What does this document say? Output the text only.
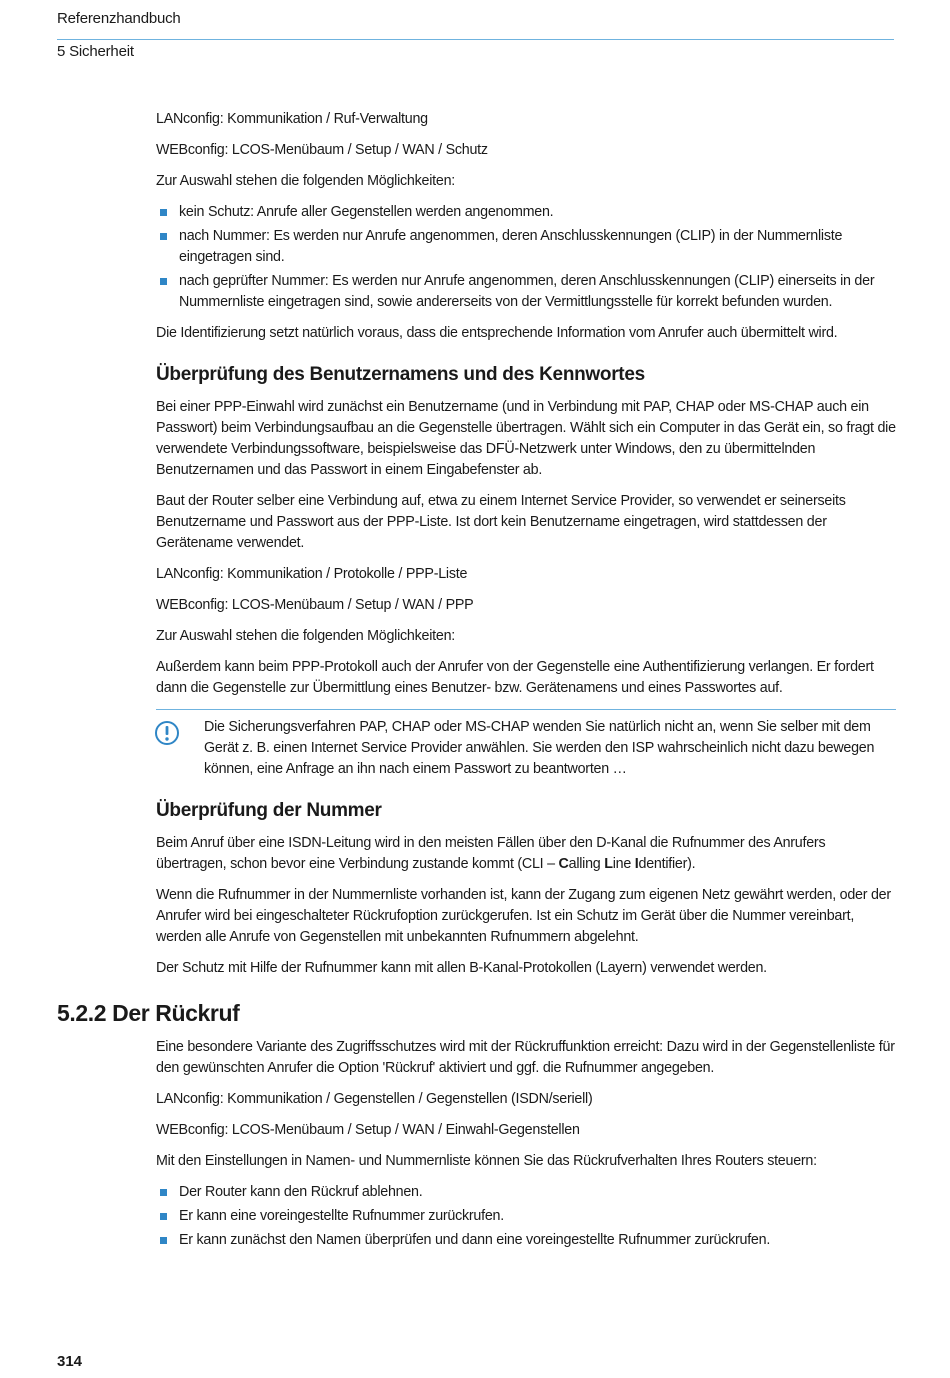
Referenzhandbuch
5 Sicherheit

LANconfig: Kommunikation / Ruf-Verwaltung

WEBconfig: LCOS-Menübaum / Setup / WAN / Schutz

Zur Auswahl stehen die folgenden Möglichkeiten:

kein Schutz: Anrufe aller Gegenstellen werden angenommen.
nach Nummer: Es werden nur Anrufe angenommen, deren Anschlusskennungen (CLIP) in der Nummernliste eingetragen sind.
nach geprüfter Nummer: Es werden nur Anrufe angenommen, deren Anschlusskennungen (CLIP) einerseits in der Nummernliste eingetragen sind, sowie andererseits von der Vermittlungsstelle für korrekt befunden wurden.

Die Identifizierung setzt natürlich voraus, dass die entsprechende Information vom Anrufer auch übermittelt wird.

Überprüfung des Benutzernamens und des Kennwortes

Bei einer PPP-Einwahl wird zunächst ein Benutzername (und in Verbindung mit PAP, CHAP oder MS-CHAP auch ein Passwort) beim Verbindungsaufbau an die Gegenstelle übertragen. Wählt sich ein Computer in das Gerät ein, so fragt die verwendete Verbindungssoftware, beispielsweise das DFÜ-Netzwerk unter Windows, den zu übermittelnden Benutzernamen und das Passwort in einem Eingabefenster ab.

Baut der Router selber eine Verbindung auf, etwa zu einem Internet Service Provider, so verwendet er seinerseits Benutzername und Passwort aus der PPP-Liste. Ist dort kein Benutzername eingetragen, wird stattdessen der Gerätename verwendet.

LANconfig: Kommunikation / Protokolle / PPP-Liste

WEBconfig: LCOS-Menübaum / Setup / WAN / PPP

Zur Auswahl stehen die folgenden Möglichkeiten:

Außerdem kann beim PPP-Protokoll auch der Anrufer von der Gegenstelle eine Authentifizierung verlangen. Er fordert dann die Gegenstelle zur Übermittlung eines Benutzer- bzw. Gerätenamens und eines Passwortes auf.

Die Sicherungsverfahren PAP, CHAP oder MS-CHAP wenden Sie natürlich nicht an, wenn Sie selber mit dem Gerät z. B. einen Internet Service Provider anwählen. Sie werden den ISP wahrscheinlich nicht dazu bewegen können, eine Anfrage an ihn nach einem Passwort zu beantworten …
Überprüfung der Nummer

Beim Anruf über eine ISDN-Leitung wird in den meisten Fällen über den D-Kanal die Rufnummer des Anrufers übertragen, schon bevor eine Verbindung zustande kommt (CLI – Calling Line Identifier).

Wenn die Rufnummer in der Nummernliste vorhanden ist, kann der Zugang zum eigenen Netz gewährt werden, oder der Anrufer wird bei eingeschalteter Rückrufoption zurückgerufen. Ist ein Schutz im Gerät über die Nummer vereinbart, werden alle Anrufe von Gegenstellen mit unbekannten Rufnummern abgelehnt.

Der Schutz mit Hilfe der Rufnummer kann mit allen B-Kanal-Protokollen (Layern) verwendet werden.

5.2.2 Der Rückruf

Eine besondere Variante des Zugriffsschutzes wird mit der Rückruffunktion erreicht: Dazu wird in der Gegenstellenliste für den gewünschten Anrufer die Option 'Rückruf' aktiviert und ggf. die Rufnummer angegeben.

LANconfig: Kommunikation / Gegenstellen / Gegenstellen (ISDN/seriell)

WEBconfig: LCOS-Menübaum / Setup / WAN / Einwahl-Gegenstellen

Mit den Einstellungen in Namen- und Nummernliste können Sie das Rückrufverhalten Ihres Routers steuern:

Der Router kann den Rückruf ablehnen.
Er kann eine voreingestellte Rufnummer zurückrufen.
Er kann zunächst den Namen überprüfen und dann eine voreingestellte Rufnummer zurückrufen.
314
